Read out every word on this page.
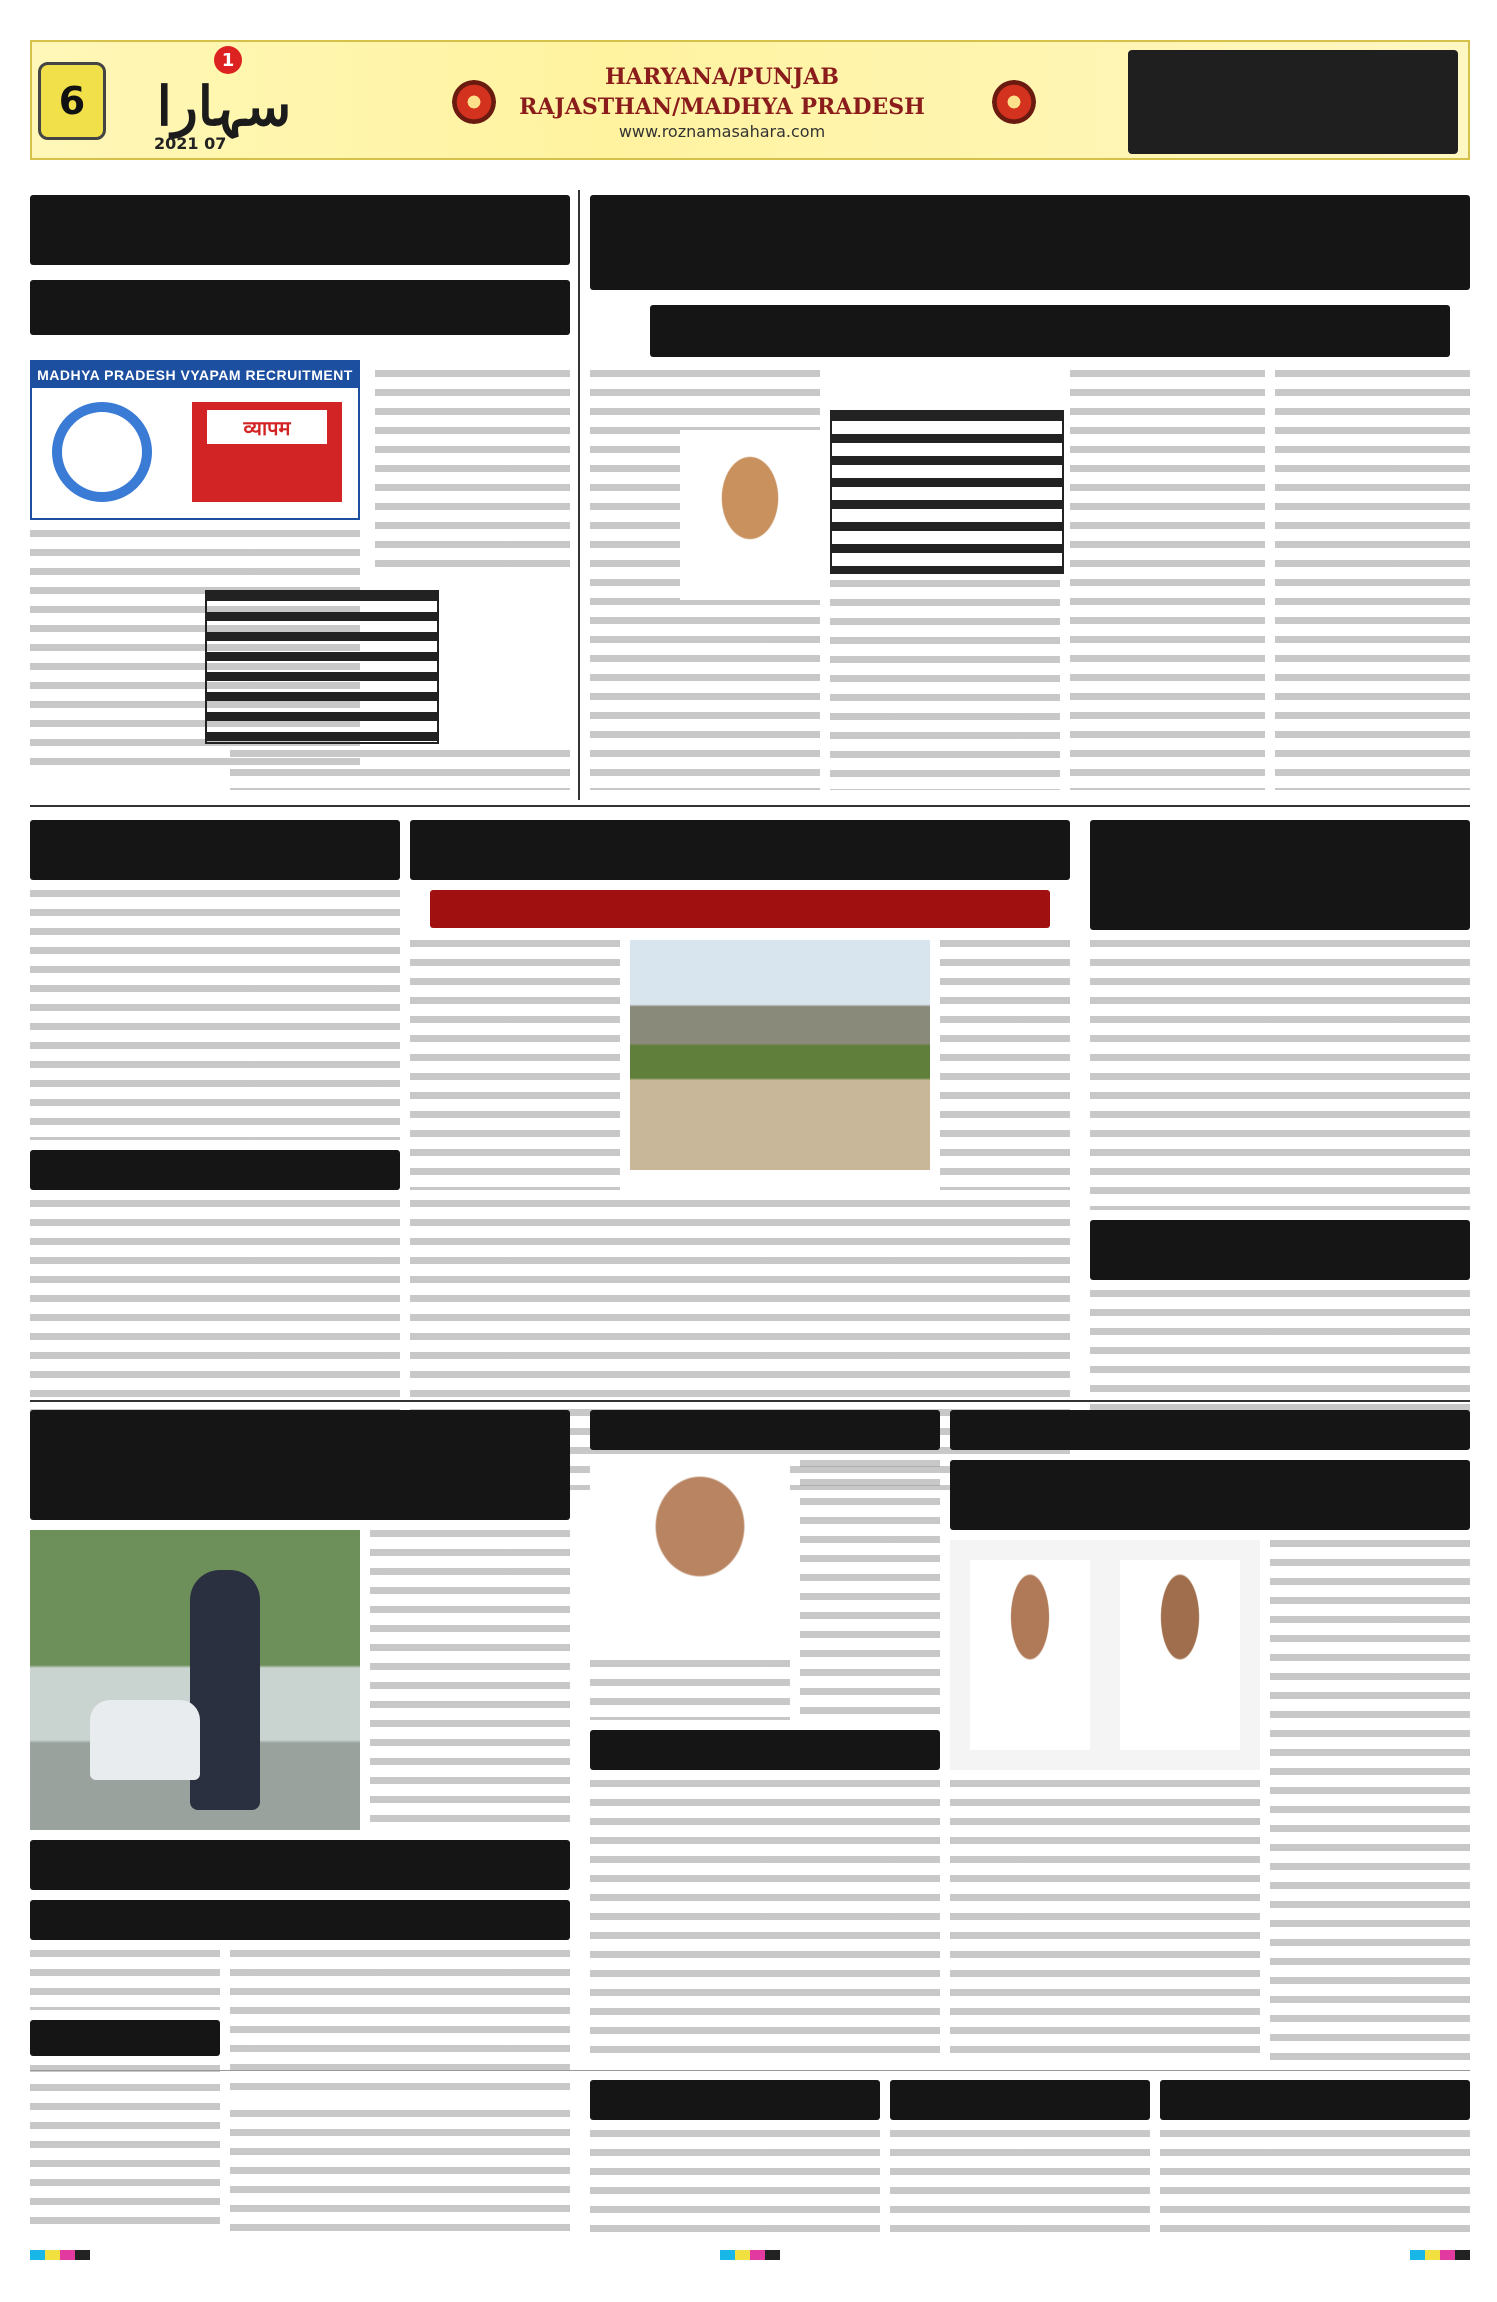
6	سہارا
1
2021 07
HARYANA/PUNJAB
RAJASTHAN/MADHYA PRADESH
www.roznamasahara.com
MADHYA PRADESH VYAPAM RECRUITMENT
व्यापम
